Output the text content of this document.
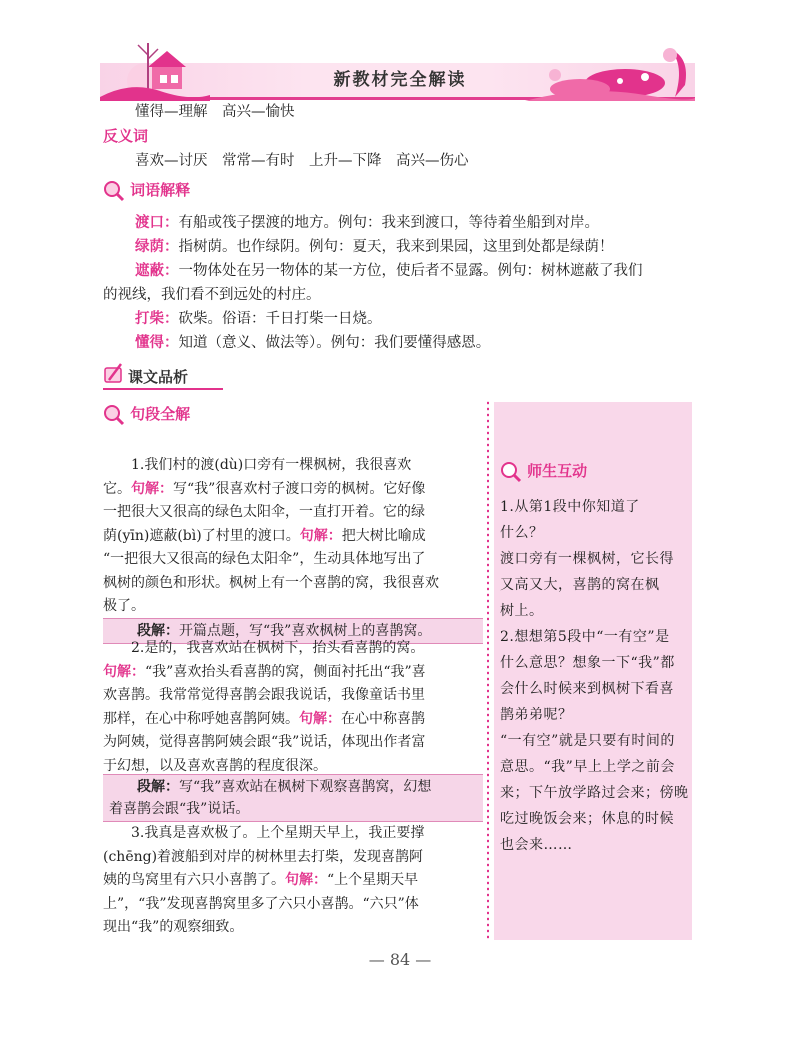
新教材完全解读
懂得—理解　高兴—愉快
反义词
喜欢—讨厌　常常—有时　上升—下降　高兴—伤心
词语解释
渡口：有船或筏子摆渡的地方。例句：我来到渡口，等待着坐船到对岸。
绿荫：指树荫。也作绿阴。例句：夏天，我来到果园，这里到处都是绿荫！
遮蔽：一物体处在另一物体的某一方位，使后者不显露。例句：树林遮蔽了我们
的视线，我们看不到远处的村庄。
打柴：砍柴。俗语：千日打柴一日烧。
懂得：知道（意义、做法等）。例句：我们要懂得感恩。
课文品析
句段全解
1.我们村的渡(dù)口旁有一棵枫树，我很喜欢
它。句解：写“我”很喜欢村子渡口旁的枫树。它好像
一把很大又很高的绿色太阳伞，一直打开着。它的绿
荫(yīn)遮蔽(bì)了村里的渡口。句解：把大树比喻成
“一把很大又很高的绿色太阳伞”，生动具体地写出了
枫树的颜色和形状。枫树上有一个喜鹊的窝，我很喜欢
极了。
段解：开篇点题，写“我”喜欢枫树上的喜鹊窝。
2.是的，我喜欢站在枫树下，抬头看喜鹊的窝。
句解：“我”喜欢抬头看喜鹊的窝，侧面衬托出“我”喜
欢喜鹊。我常常觉得喜鹊会跟我说话，我像童话书里
那样，在心中称呼她喜鹊阿姨。句解：在心中称喜鹊
为阿姨，觉得喜鹊阿姨会跟“我”说话，体现出作者富
于幻想，以及喜欢喜鹊的程度很深。
段解：写“我”喜欢站在枫树下观察喜鹊窝，幻想
着喜鹊会跟“我”说话。
3.我真是喜欢极了。上个星期天早上，我正要撑
(chēng)着渡船到对岸的树林里去打柴，发现喜鹊阿
姨的鸟窝里有六只小喜鹊了。句解：“上个星期天早
上”，“我”发现喜鹊窝里多了六只小喜鹊。“六只”体
现出“我”的观察细致。
师生互动
1.从第1段中你知道了
什么？
渡口旁有一棵枫树，它长得
又高又大，喜鹊的窝在枫
树上。
2.想想第5段中“一有空”是
什么意思？想象一下“我”都
会什么时候来到枫树下看喜
鹊弟弟呢？
“一有空”就是只要有时间的
意思。“我”早上上学之前会
来；下午放学路过会来；傍晚
吃过晚饭会来；休息的时候
也会来……
— 84 —
